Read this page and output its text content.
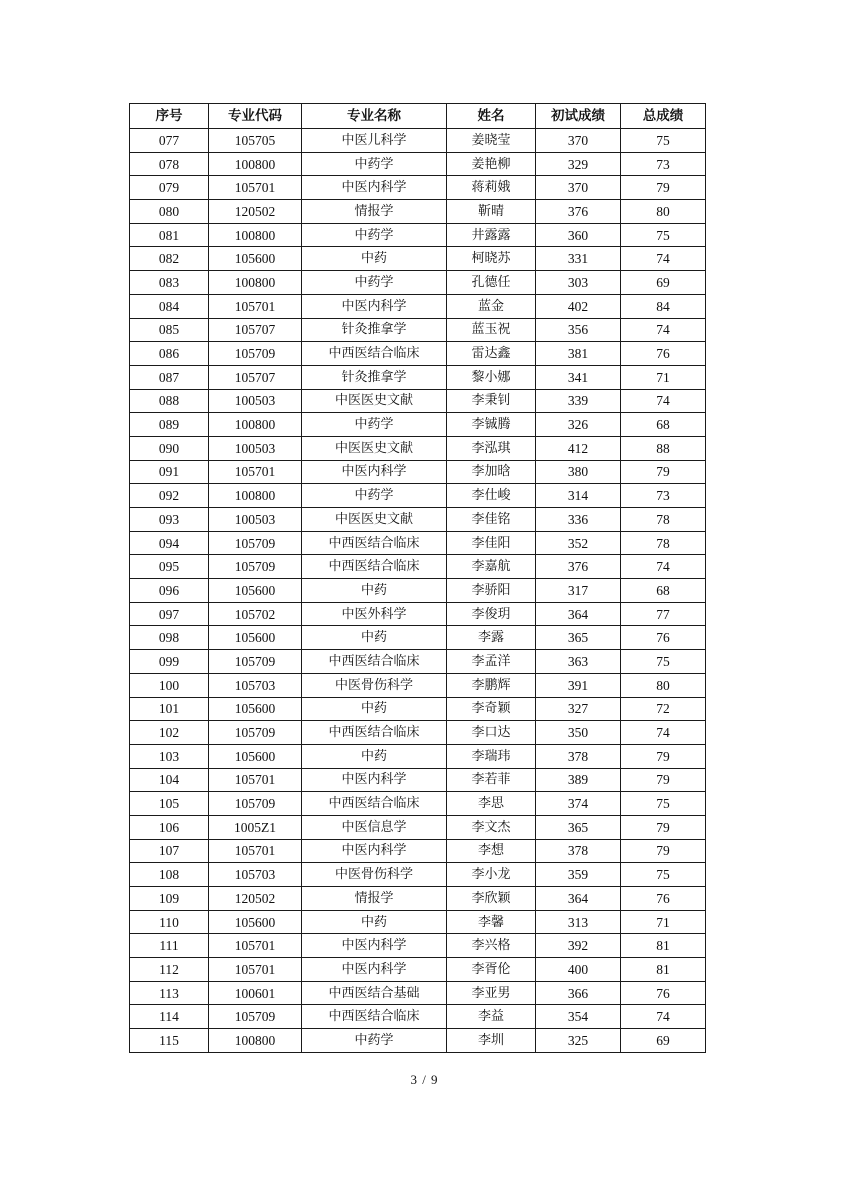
序号	专业代码	专业名称	姓名	初试成绩	总成绩
077	105705	中医儿科学	姜晓莹	370	75
078	100800	中药学	姜艳柳	329	73
079	105701	中医内科学	蒋莉娥	370	79
080	120502	情报学	靳晴	376	80
081	100800	中药学	井露露	360	75
082	105600	中药	柯晓苏	331	74
083	100800	中药学	孔德任	303	69
084	105701	中医内科学	蓝金	402	84
085	105707	针灸推拿学	蓝玉祝	356	74
086	105709	中西医结合临床	雷达鑫	381	76
087	105707	针灸推拿学	黎小娜	341	71
088	100503	中医医史文献	李秉钊	339	74
089	100800	中药学	李铖腾	326	68
090	100503	中医医史文献	李泓琪	412	88
091	105701	中医内科学	李加晗	380	79
092	100800	中药学	李仕峻	314	73
093	100503	中医医史文献	李佳铭	336	78
094	105709	中西医结合临床	李佳阳	352	78
095	105709	中西医结合临床	李嘉航	376	74
096	105600	中药	李骄阳	317	68
097	105702	中医外科学	李俊玥	364	77
098	105600	中药	李露	365	76
099	105709	中西医结合临床	李孟洋	363	75
100	105703	中医骨伤科学	李鹏辉	391	80
101	105600	中药	李奇颖	327	72
102	105709	中西医结合临床	李口达	350	74
103	105600	中药	李瑞玮	378	79
104	105701	中医内科学	李若菲	389	79
105	105709	中西医结合临床	李思	374	75
106	1005Z1	中医信息学	李文杰	365	79
107	105701	中医内科学	李想	378	79
108	105703	中医骨伤科学	李小龙	359	75
109	120502	情报学	李欣颖	364	76
110	105600	中药	李馨	313	71
111	105701	中医内科学	李兴格	392	81
112	105701	中医内科学	李胥伦	400	81
113	100601	中西医结合基础	李亚男	366	76
114	105709	中西医结合临床	李益	354	74
115	100800	中药学	李圳	325	69
3 / 9
